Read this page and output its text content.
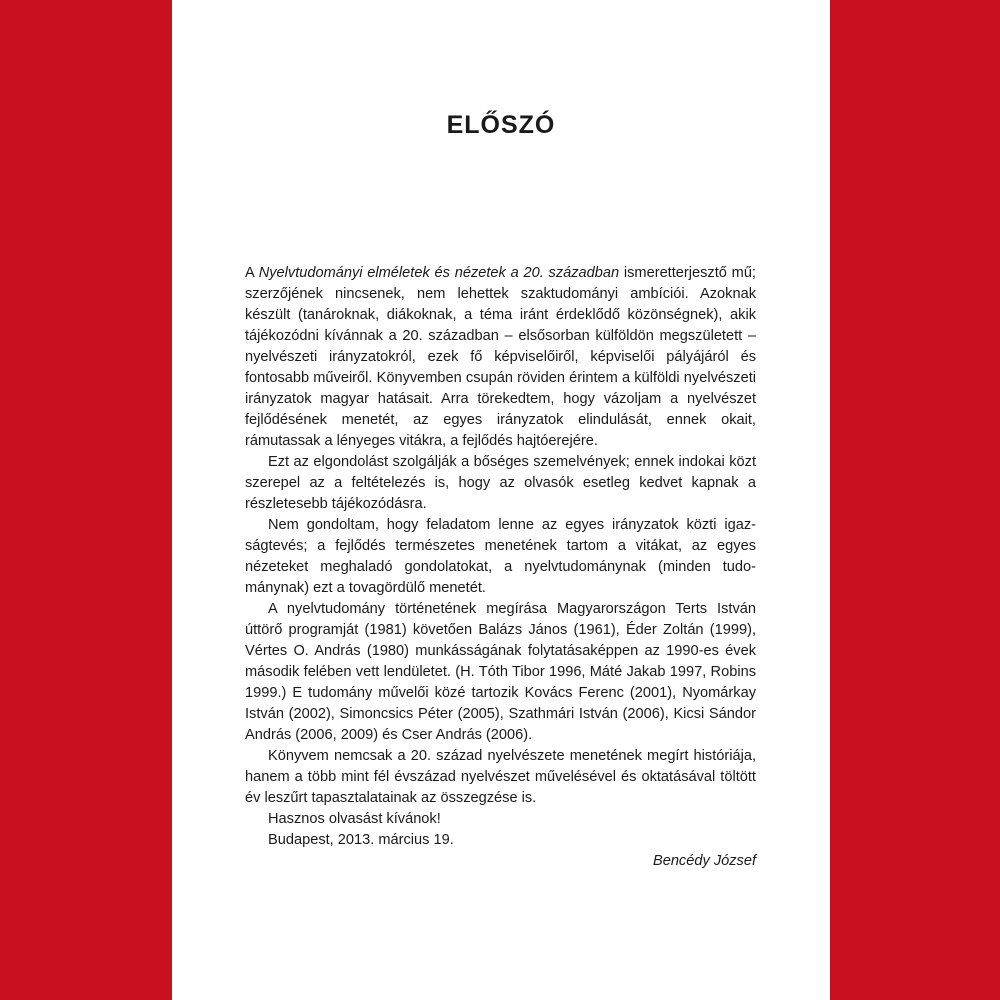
ELŐSZÓ

A Nyelvtudományi elméletek és nézetek a 20. században ismeretterjesztő mű; szerzőjének nincsenek, nem lehettek szaktudományi ambíciói. Azoknak készült (tanároknak, diákoknak, a téma iránt érdeklődő közönségnek), akik tájékozódni kívánnak a 20. században – elsősorban külföldön megszületett – nyelvészeti irányzatokról, ezek fő képviselőiről, képviselői pályájáról és fontosabb műveiről. Könyvemben csupán röviden érintem a külföldi nyelvészeti irányzatok magyar hatásait. Arra törekedtem, hogy vázoljam a nyelvészet fejlődésének menetét, az egyes irányzatok elindulását, ennek okait, rámutassak a lényeges vitákra, a fejlődés hajtóerejére.

Ezt az elgondolást szolgálják a bőséges szemelvények; ennek indokai közt szerepel az a feltételezés is, hogy az olvasók esetleg kedvet kapnak a részletesebb tájékozódásra.

Nem gondoltam, hogy feladatom lenne az egyes irányzatok közti igazságtevés; a fejlődés természetes menetének tartom a vitákat, az egyes nézeteket meghaladó gondolatokat, a nyelvtudománynak (minden tudománynak) ezt a tovagördülő menetét.

A nyelvtudomány történetének megírása Magyarországon Terts István úttörő programját (1981) követően Balázs János (1961), Éder Zoltán (1999), Vértes O. András (1980) munkásságának folytatásaképpen az 1990-es évek második felében vett lendületet. (H. Tóth Tibor 1996, Máté Jakab 1997, Robins 1999.) E tudomány művelői közé tartozik Kovács Ferenc (2001), Nyomárkay István (2002), Simoncsics Péter (2005), Szathmári István (2006), Kicsi Sándor András (2006, 2009) és Cser András (2006).

Könyvem nemcsak a 20. század nyelvészete menetének megírt históriája, hanem a több mint fél évszázad nyelvészet művelésével és oktatásával töltött év leszűrt tapasztalatainak az összegzése is.

Hasznos olvasást kívánok!

Budapest, 2013. március 19.

Bencédy József
